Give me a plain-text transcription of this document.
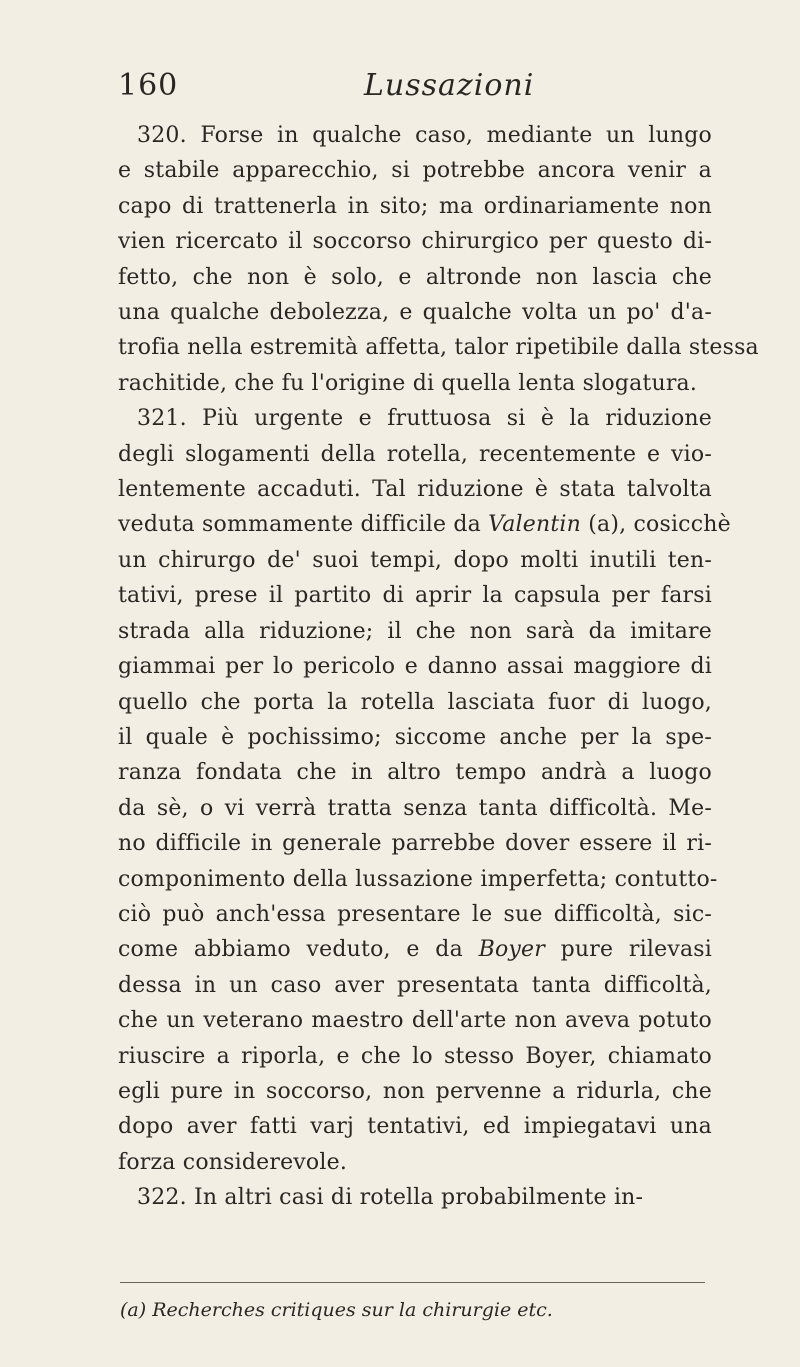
160	Lussazioni
320. Forse in qualche caso, mediante un lungo
e stabile apparecchio, si potrebbe ancora venir a
capo di trattenerla in sito; ma ordinariamente non
vien ricercato il soccorso chirurgico per questo di-
fetto, che non è solo, e altronde non lascia che
una qualche debolezza, e qualche volta un po' d'a-
trofia nella estremità affetta, talor ripetibile dalla stessa
rachitide, che fu l'origine di quella lenta slogatura.
321. Più urgente e fruttuosa si è la riduzione
degli slogamenti della rotella, recentemente e vio-
lentemente accaduti. Tal riduzione è stata talvolta
veduta sommamente difficile da Valentin (a), cosicchè
un chirurgo de' suoi tempi, dopo molti inutili ten-
tativi, prese il partito di aprir la capsula per farsi
strada alla riduzione; il che non sarà da imitare
giammai per lo pericolo e danno assai maggiore di
quello che porta la rotella lasciata fuor di luogo,
il quale è pochissimo; siccome anche per la spe-
ranza fondata che in altro tempo andrà a luogo
da sè, o vi verrà tratta senza tanta difficoltà. Me-
no difficile in generale parrebbe dover essere il ri-
componimento della lussazione imperfetta; contutto-
ciò può anch'essa presentare le sue difficoltà, sic-
come abbiamo veduto, e da Boyer pure rilevasi
dessa in un caso aver presentata tanta difficoltà,
che un veterano maestro dell'arte non aveva potuto
riuscire a riporla, e che lo stesso Boyer, chiamato
egli pure in soccorso, non pervenne a ridurla, che
dopo aver fatti varj tentativi, ed impiegatavi una
forza considerevole.
322. In altri casi di rotella probabilmente in-
(a) Recherches critiques sur la chirurgie etc.
